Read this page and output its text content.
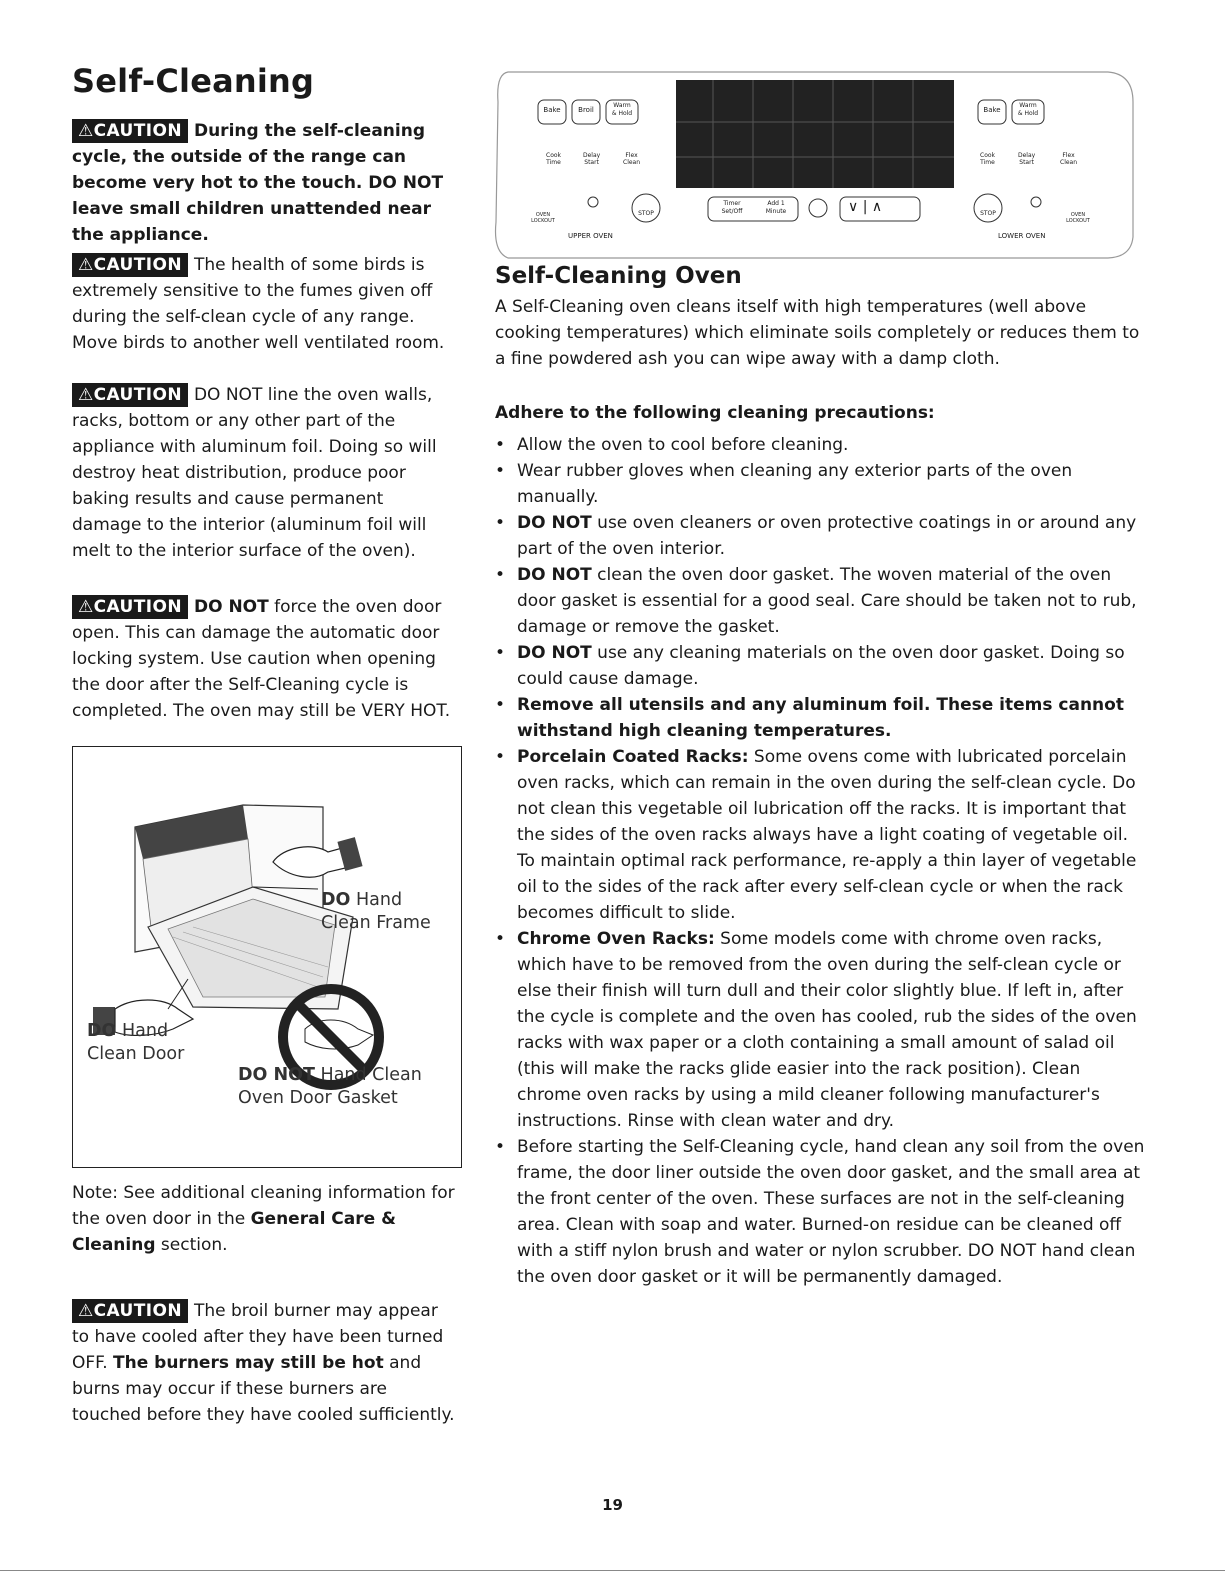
Self-Cleaning
⚠CAUTION During the self-cleaning cycle, the outside of the range can become very hot to the touch. DO NOT leave small children unattended near the appliance.
⚠CAUTION The health of some birds is extremely sensitive to the fumes given off during the self-clean cycle of any range. Move birds to another well ventilated room.
⚠CAUTION DO NOT line the oven walls, racks, bottom or any other part of the appliance with aluminum foil. Doing so will destroy heat distribution, produce poor baking results and cause permanent damage to the interior (aluminum foil will melt to the interior surface of the oven).
⚠CAUTION DO NOT force the oven door open. This can damage the automatic door locking system. Use caution when opening the door after the Self-Cleaning cycle is completed. The oven may still be VERY HOT.
DO Hand
Clean Frame
DO Hand
Clean Door
DO NOT Hand Clean
Oven Door Gasket
Note: See additional cleaning information for the oven door in the General Care & Cleaning section.
⚠CAUTION The broil burner may appear to have cooled after they have been turned OFF. The burners may still be hot and burns may occur if these burners are touched before they have cooled sufficiently.
Bake	Broil
Warm
& Hold
Cook
Time
Delay
Start
Flex
Clean
OVEN LOCKOUT
STOP
UPPER OVEN
Timer
Set/Off
Add 1
Minute	∨ | ∧
Bake
Warm
& Hold
Cook
Time
Delay
Start
Flex
Clean
STOP	OVEN LOCKOUT
LOWER OVEN
Self-Cleaning Oven
A Self-Cleaning oven cleans itself with high temperatures (well above cooking temperatures) which eliminate soils completely or reduces them to a fine powdered ash you can wipe away with a damp cloth.
Adhere to the following cleaning precautions:
• Allow the oven to cool before cleaning.
• Wear rubber gloves when cleaning any exterior parts of the oven manually.
• DO NOT use oven cleaners or oven protective coatings in or around any part of the oven interior.
• DO NOT clean the oven door gasket. The woven material of the oven door gasket is essential for a good seal. Care should be taken not to rub, damage or remove the gasket.
• DO NOT use any cleaning materials on the oven door gasket. Doing so could cause damage.
• Remove all utensils and any aluminum foil. These items cannot withstand high cleaning temperatures.
• Porcelain Coated Racks: Some ovens come with lubricated porcelain oven racks, which can remain in the oven during the self-clean cycle. Do not clean this vegetable oil lubrication off the racks. It is important that the sides of the oven racks always have a light coating of vegetable oil. To maintain optimal rack performance, re-apply a thin layer of vegetable oil to the sides of the rack after every self-clean cycle or when the rack becomes difficult to slide.
• Chrome Oven Racks: Some models come with chrome oven racks, which have to be removed from the oven during the self-clean cycle or else their finish will turn dull and their color slightly blue. If left in, after the cycle is complete and the oven has cooled, rub the sides of the oven racks with wax paper or a cloth containing a small amount of salad oil (this will make the racks glide easier into the rack position). Clean chrome oven racks by using a mild cleaner following manufacturer's instructions. Rinse with clean water and dry.
• Before starting the Self-Cleaning cycle, hand clean any soil from the oven frame, the door liner outside the oven door gasket, and the small area at the front center of the oven. These surfaces are not in the self-cleaning area. Clean with soap and water. Burned-on residue can be cleaned off with a stiff nylon brush and water or nylon scrubber. DO NOT hand clean the oven door gasket or it will be permanently damaged.
19
